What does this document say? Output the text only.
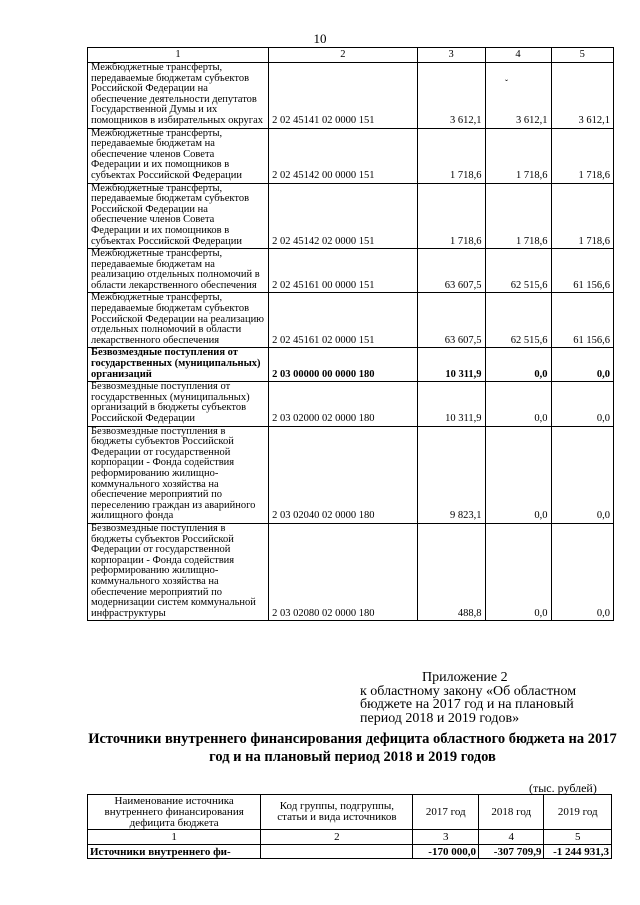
10
ˇ
1	2	3	4	5
Межбюджетные трансферты, передаваемые бюджетам субъектов Российской Федерации на обеспечение деятельности депутатов Государственной Думы и их помощников в избирательных округах	2 02 45141 02 0000 151	3 612,1	3 612,1	3 612,1
Межбюджетные трансферты, передаваемые бюджетам на обеспечение членов Совета Федерации и их помощников в субъектах Российской Федерации	2 02 45142 00 0000 151	1 718,6	1 718,6	1 718,6
Межбюджетные трансферты, передаваемые бюджетам субъектов Российской Федерации на обеспечение членов Совета Федерации и их помощников в субъектах Российской Федерации	2 02 45142 02 0000 151	1 718,6	1 718,6	1 718,6
Межбюджетные трансферты, передаваемые бюджетам на реализацию отдельных полномочий в области лекарственного обеспечения	2 02 45161 00 0000 151	63 607,5	62 515,6	61 156,6
Межбюджетные трансферты, передаваемые бюджетам субъектов Российской Федерации на реализацию отдельных полномочий в области лекарственного обеспечения	2 02 45161 02 0000 151	63 607,5	62 515,6	61 156,6
Безвозмездные поступления от государственных (муниципальных) организаций	2 03 00000 00 0000 180	10 311,9	0,0	0,0
Безвозмездные поступления от государственных (муниципальных) организаций в бюджеты субъектов Российской Федерации	2 03 02000 02 0000 180	10 311,9	0,0	0,0
Безвозмездные поступления в бюджеты субъектов Российской Федерации от государственной корпорации - Фонда содействия реформированию жилищно-коммунального хозяйства на обеспечение мероприятий по переселению граждан из аварийного жилищного фонда	2 03 02040 02 0000 180	9 823,1	0,0	0,0
Безвозмездные поступления в бюджеты субъектов Российской Федерации от государственной корпорации - Фонда содействия реформированию жилищно-коммунального хозяйства на обеспечение мероприятий по модернизации систем коммунальной инфраструктуры	2 03 02080 02 0000 180	488,8	0,0	0,0
Приложение 2
к областному закону «Об областном бюджете на 2017 год и на плановый период 2018 и 2019 годов»
Источники внутреннего финансирования дефицита областного бюджета на 2017 год и на плановый период 2018 и 2019 годов
(тыс. рублей)
Наименование источника внутреннего финансирования дефицита бюджета	Код группы, подгруппы, статьи и вида источников	2017 год	2018 год	2019 год
1	2	3	4	5
Источники внутреннего фи-		-170 000,0	-307 709,9	-1 244 931,3
